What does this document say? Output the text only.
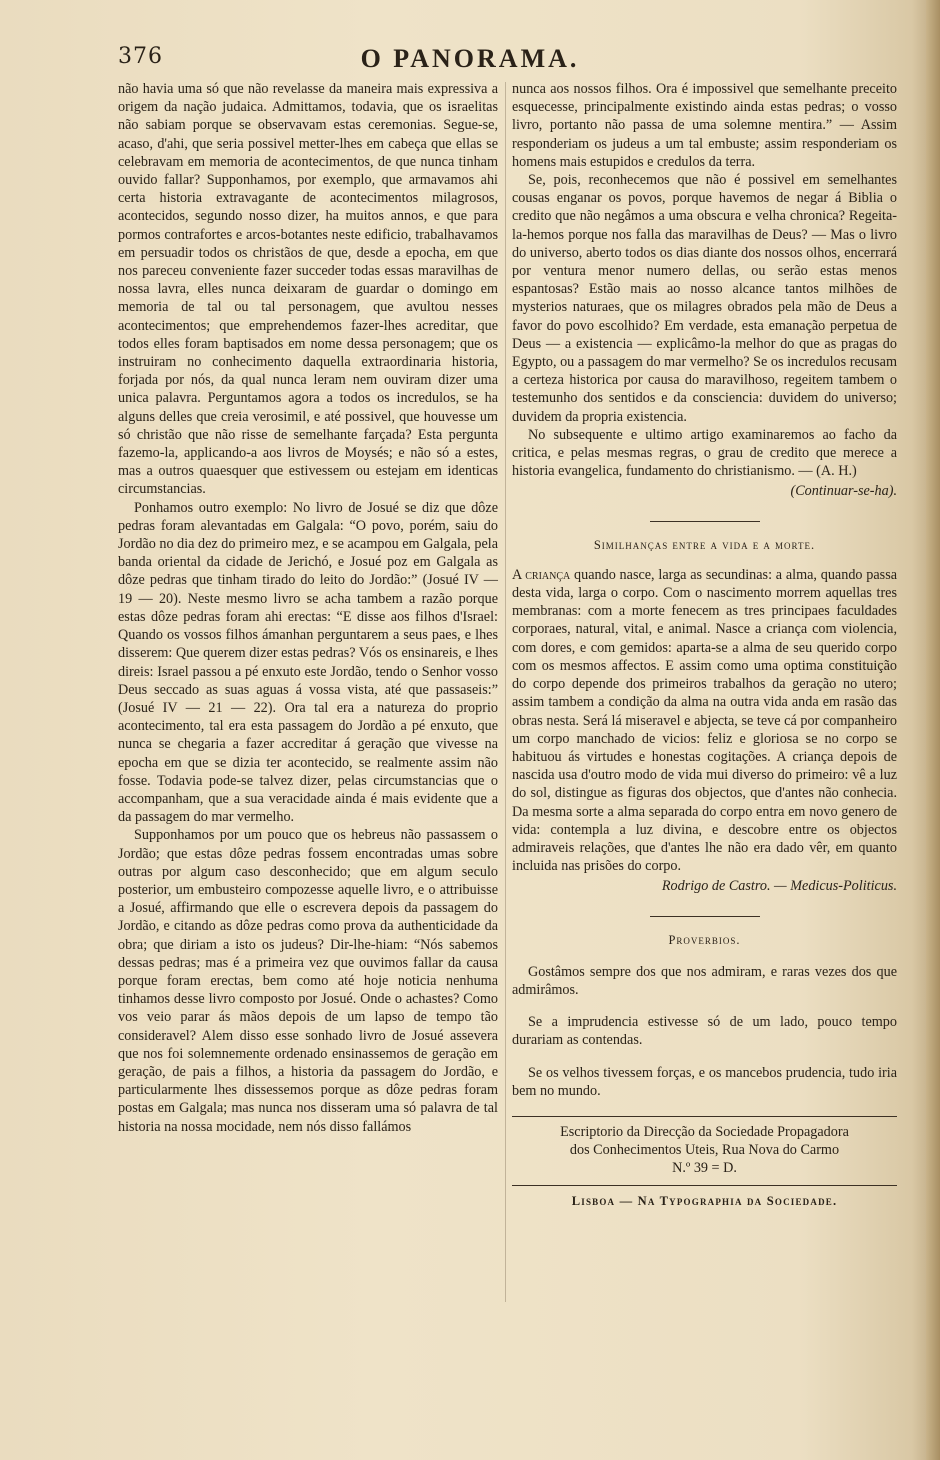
376	O PANORAMA.

não havia uma só que não revelasse da maneira mais expressiva a origem da nação judaica. Admittamos, todavia, que os israelitas não sabiam porque se observavam estas ceremonias. Segue-se, acaso, d'ahi, que seria possivel metter-lhes em cabeça que ellas se celebravam em memoria de acontecimentos, de que nunca tinham ouvido fallar? Supponhamos, por exemplo, que armavamos ahi certa historia extravagante de acontecimentos milagrosos, acontecidos, segundo nosso dizer, ha muitos annos, e que para pormos contrafortes e arcos-botantes neste edificio, trabalhavamos em persuadir todos os christãos de que, desde a epocha, em que nos pareceu conveniente fazer succeder todas essas maravilhas de nossa lavra, elles nunca deixaram de guardar o domingo em memoria de tal ou tal personagem, que avultou nesses acontecimentos; que emprehendemos fazer-lhes acreditar, que todos elles foram baptisados em nome dessa personagem; que os instruiram no conhecimento daquella extraordinaria historia, forjada por nós, da qual nunca leram nem ouviram dizer uma unica palavra. Perguntamos agora a todos os incredulos, se ha alguns delles que creia verosimil, e até possivel, que houvesse um só christão que não risse de semelhante farçada? Esta pergunta fazemo-la, applicando-a aos livros de Moysés; e não só a estes, mas a outros quaesquer que estivessem ou estejam em identicas circumstancias.

Ponhamos outro exemplo: No livro de Josué se diz que dôze pedras foram alevantadas em Galgala: “O povo, porém, saiu do Jordão no dia dez do primeiro mez, e se acampou em Galgala, pela banda oriental da cidade de Jerichó, e Josué poz em Galgala as dôze pedras que tinham tirado do leito do Jordão:” (Josué IV — 19 — 20). Neste mesmo livro se acha tambem a razão porque estas dôze pedras foram ahi erectas: “E disse aos filhos d'Israel: Quando os vossos filhos ámanhan perguntarem a seus paes, e lhes disserem: Que querem dizer estas pedras? Vós os ensinareis, e lhes direis: Israel passou a pé enxuto este Jordão, tendo o Senhor vosso Deus seccado as suas aguas á vossa vista, até que passaseis:” (Josué IV — 21 — 22). Ora tal era a natureza do proprio acontecimento, tal era esta passagem do Jordão a pé enxuto, que nunca se chegaria a fazer accreditar á geração que vivesse na epocha em que se dizia ter acontecido, se realmente assim não fosse. Todavia pode-se talvez dizer, pelas circumstancias que o accompanham, que a sua veracidade ainda é mais evidente que a da passagem do mar vermelho.

Supponhamos por um pouco que os hebreus não passassem o Jordão; que estas dôze pedras fossem encontradas umas sobre outras por algum caso desconhecido; que em algum seculo posterior, um embusteiro compozesse aquelle livro, e o attribuisse a Josué, affirmando que elle o escrevera depois da passagem do Jordão, e citando as dôze pedras como prova da authenticidade da obra; que diriam a isto os judeus? Dir-lhe-hiam: “Nós sabemos dessas pedras; mas é a primeira vez que ouvimos fallar da causa porque foram erectas, bem como até hoje noticia nenhuma tinhamos desse livro composto por Josué. Onde o achastes? Como vos veio parar ás mãos depois de um lapso de tempo tão consideravel? Alem disso esse sonhado livro de Josué assevera que nos foi solemnemente ordenado ensinassemos de geração em geração, de pais a filhos, a historia da passagem do Jordão, e particularmente lhes dissessemos porque as dôze pedras foram postas em Galgala; mas nunca nos disseram uma só palavra de tal historia na nossa mocidade, nem nós disso fallámos

nunca aos nossos filhos. Ora é impossivel que semelhante preceito esquecesse, principalmente existindo ainda estas pedras; o vosso livro, portanto não passa de uma solemne mentira.” — Assim responderiam os judeus a um tal embuste; assim responderiam os homens mais estupidos e credulos da terra.

Se, pois, reconhecemos que não é possivel em semelhantes cousas enganar os povos, porque havemos de negar á Biblia o credito que não negâmos a uma obscura e velha chronica? Regeita-la-hemos porque nos falla das maravilhas de Deus? — Mas o livro do universo, aberto todos os dias diante dos nossos olhos, encerrará por ventura menor numero dellas, ou serão estas menos espantosas? Estão mais ao nosso alcance tantos milhões de mysterios naturaes, que os milagres obrados pela mão de Deus a favor do povo escolhido? Em verdade, esta emanação perpetua de Deus — a existencia — explicâmo-la melhor do que as pragas do Egypto, ou a passagem do mar vermelho? Se os incredulos recusam a certeza historica por causa do maravilhoso, regeitem tambem o testemunho dos sentidos e da consciencia: duvidem do universo; duvidem da propria existencia.

No subsequente e ultimo artigo examinaremos ao facho da critica, e pelas mesmas regras, o grau de credito que merece a historia evangelica, fundamento do christianismo. — (A. H.)

(Continuar-se-ha).
Similhanças entre a vida e a morte.

A criança quando nasce, larga as secundinas: a alma, quando passa desta vida, larga o corpo. Com o nascimento morrem aquellas tres membranas: com a morte fenecem as tres principaes faculdades corporaes, natural, vital, e animal. Nasce a criança com violencia, com dores, e com gemidos: aparta-se a alma de seu querido corpo com os mesmos affectos. E assim como uma optima constituição do corpo depende dos primeiros trabalhos da geração no utero; assim tambem a condição da alma na outra vida anda em rasão das obras nesta. Será lá miseravel e abjecta, se teve cá por companheiro um corpo manchado de vicios: feliz e gloriosa se no corpo se habituou ás virtudes e honestas cogitações. A criança depois de nascida usa d'outro modo de vida mui diverso do primeiro: vê a luz do sol, distingue as figuras dos objectos, que d'antes não conhecia. Da mesma sorte a alma separada do corpo entra em novo genero de vida: contempla a luz divina, e descobre entre os objectos admiraveis relações, que d'antes lhe não era dado vêr, em quanto incluida nas prisões do corpo.

Rodrigo de Castro. — Medicus-Politicus.
Proverbios.

Gostâmos sempre dos que nos admiram, e raras vezes dos que admirâmos.

Se a imprudencia estivesse só de um lado, pouco tempo durariam as contendas.

Se os velhos tivessem forças, e os mancebos prudencia, tudo iria bem no mundo.

Escriptorio da Direcção da Sociedade Propagadora
dos Conhecimentos Uteis, Rua Nova do Carmo
N.º 39 = D.
Lisboa — Na Typographia da Sociedade.
